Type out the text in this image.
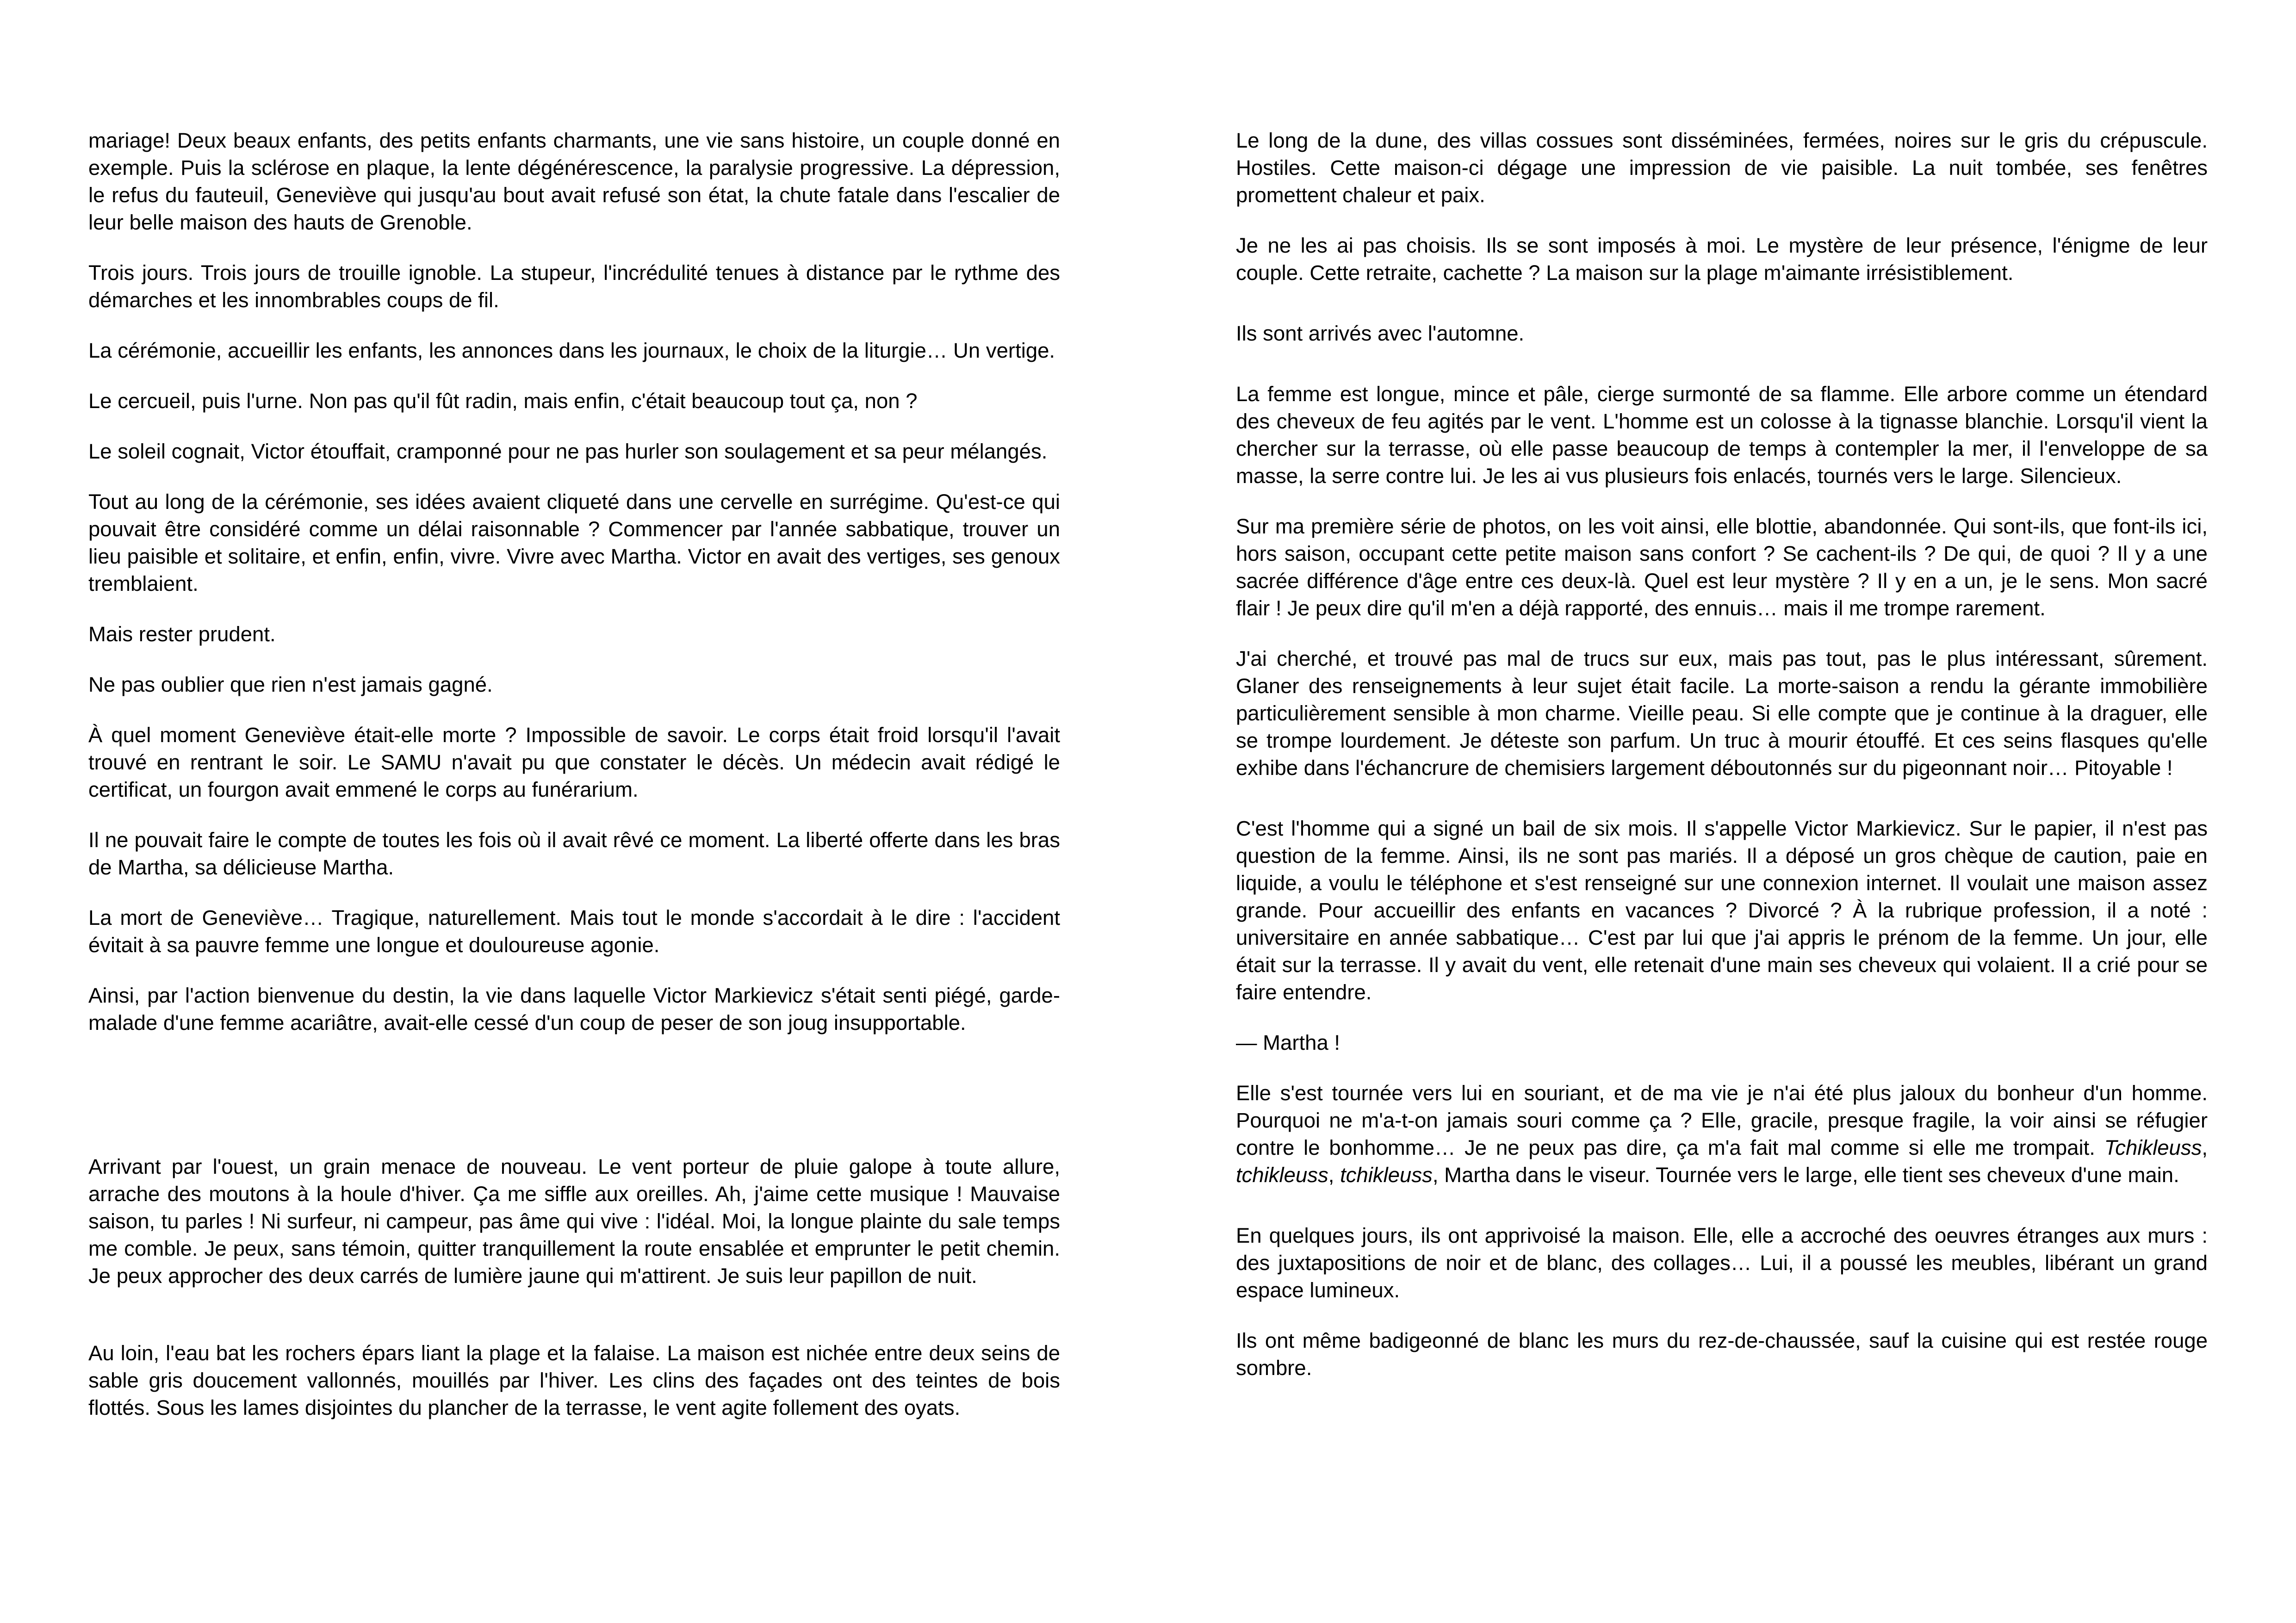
mariage! Deux beaux enfants, des petits enfants charmants, une vie sans histoire, un couple donné en exemple. Puis la sclérose en plaque, la lente dégénérescence, la paralysie progressive. La dépression, le refus du fauteuil, Geneviève qui jusqu'au bout avait refusé son état, la chute fatale dans l'escalier de leur belle maison des hauts de Grenoble.

Trois jours. Trois jours de trouille ignoble. La stupeur, l'incrédulité tenues à distance par le rythme des démarches et les innombrables coups de fil.

La cérémonie, accueillir les enfants, les annonces dans les journaux, le choix de la liturgie… Un vertige.

Le cercueil, puis l'urne. Non pas qu'il fût radin, mais enfin, c'était beaucoup tout ça, non ?

Le soleil cognait, Victor étouffait, cramponné pour ne pas hurler son soulagement et sa peur mélangés.

Tout au long de la cérémonie, ses idées avaient cliqueté dans une cervelle en surrégime. Qu'est-ce qui pouvait être considéré comme un délai raisonnable ? Commencer par l'année sabbatique, trouver un lieu paisible et solitaire, et enfin, enfin, vivre. Vivre avec Martha. Victor en avait des vertiges, ses genoux tremblaient.

Mais rester prudent.

Ne pas oublier que rien n'est jamais gagné.

À quel moment Geneviève était-elle morte ? Impossible de savoir. Le corps était froid lorsqu'il l'avait trouvé en rentrant le soir. Le SAMU n'avait pu que constater le décès. Un médecin avait rédigé le certificat, un fourgon avait emmené le corps au funérarium.

Il ne pouvait faire le compte de toutes les fois où il avait rêvé ce moment. La liberté offerte dans les bras de Martha, sa délicieuse Martha.

La mort de Geneviève… Tragique, naturellement. Mais tout le monde s'accordait à le dire : l'accident évitait à sa pauvre femme une longue et douloureuse agonie.

Ainsi, par l'action bienvenue du destin, la vie dans laquelle Victor Markievicz s'était senti piégé, garde-malade d'une femme acariâtre, avait-elle cessé d'un coup de peser de son joug insupportable.

Arrivant par l'ouest, un grain menace de nouveau. Le vent porteur de pluie galope à toute allure, arrache des moutons à la houle d'hiver. Ça me siffle aux oreilles. Ah, j'aime cette musique ! Mauvaise saison, tu parles ! Ni surfeur, ni campeur, pas âme qui vive : l'idéal. Moi, la longue plainte du sale temps me comble. Je peux, sans témoin, quitter tranquillement la route ensablée et emprunter le petit chemin. Je peux approcher des deux carrés de lumière jaune qui m'attirent. Je suis leur papillon de nuit.

Au loin, l'eau bat les rochers épars liant la plage et la falaise. La maison est nichée entre deux seins de sable gris doucement vallonnés, mouillés par l'hiver. Les clins des façades ont des teintes de bois flottés. Sous les lames disjointes du plancher de la terrasse, le vent agite follement des oyats.

Le long de la dune, des villas cossues sont disséminées, fermées, noires sur le gris du crépuscule. Hostiles. Cette maison-ci dégage une impression de vie paisible. La nuit tombée, ses fenêtres promettent chaleur et paix.

Je ne les ai pas choisis. Ils se sont imposés à moi. Le mystère de leur présence, l'énigme de leur couple. Cette retraite, cachette ? La maison sur la plage m'aimante irrésistiblement.

Ils sont arrivés avec l'automne.

La femme est longue, mince et pâle, cierge surmonté de sa flamme. Elle arbore comme un étendard des cheveux de feu agités par le vent. L'homme est un colosse à la tignasse blanchie. Lorsqu'il vient la chercher sur la terrasse, où elle passe beaucoup de temps à contempler la mer, il l'enveloppe de sa masse, la serre contre lui. Je les ai vus plusieurs fois enlacés, tournés vers le large. Silencieux.

Sur ma première série de photos, on les voit ainsi, elle blottie, abandonnée. Qui sont-ils, que font-ils ici, hors saison, occupant cette petite maison sans confort ? Se cachent-ils ? De qui, de quoi ? Il y a une sacrée différence d'âge entre ces deux-là. Quel est leur mystère ? Il y en a un, je le sens. Mon sacré flair ! Je peux dire qu'il m'en a déjà rapporté, des ennuis… mais il me trompe rarement.

J'ai cherché, et trouvé pas mal de trucs sur eux, mais pas tout, pas le plus intéressant, sûrement. Glaner des renseignements à leur sujet était facile. La morte-saison a rendu la gérante immobilière particulièrement sensible à mon charme. Vieille peau. Si elle compte que je continue à la draguer, elle se trompe lourdement. Je déteste son parfum. Un truc à mourir étouffé. Et ces seins flasques qu'elle exhibe dans l'échancrure de chemisiers largement déboutonnés sur du pigeonnant noir… Pitoyable !

C'est l'homme qui a signé un bail de six mois. Il s'appelle Victor Markievicz. Sur le papier, il n'est pas question de la femme. Ainsi, ils ne sont pas mariés. Il a déposé un gros chèque de caution, paie en liquide, a voulu le téléphone et s'est renseigné sur une connexion internet. Il voulait une maison assez grande. Pour accueillir des enfants en vacances ? Divorcé ? À la rubrique profession, il a noté : universitaire en année sabbatique… C'est par lui que j'ai appris le prénom de la femme. Un jour, elle était sur la terrasse. Il y avait du vent, elle retenait d'une main ses cheveux qui volaient. Il a crié pour se faire entendre.

— Martha !

Elle s'est tournée vers lui en souriant, et de ma vie je n'ai été plus jaloux du bonheur d'un homme. Pourquoi ne m'a-t-on jamais souri comme ça ? Elle, gracile, presque fragile, la voir ainsi se réfugier contre le bonhomme… Je ne peux pas dire, ça m'a fait mal comme si elle me trompait. Tchikleuss, tchikleuss, tchikleuss, Martha dans le viseur. Tournée vers le large, elle tient ses cheveux d'une main.

En quelques jours, ils ont apprivoisé la maison. Elle, elle a accroché des oeuvres étranges aux murs : des juxtapositions de noir et de blanc, des collages… Lui, il a poussé les meubles, libérant un grand espace lumineux.

Ils ont même badigeonné de blanc les murs du rez-de-chaussée, sauf la cuisine qui est restée rouge sombre.
